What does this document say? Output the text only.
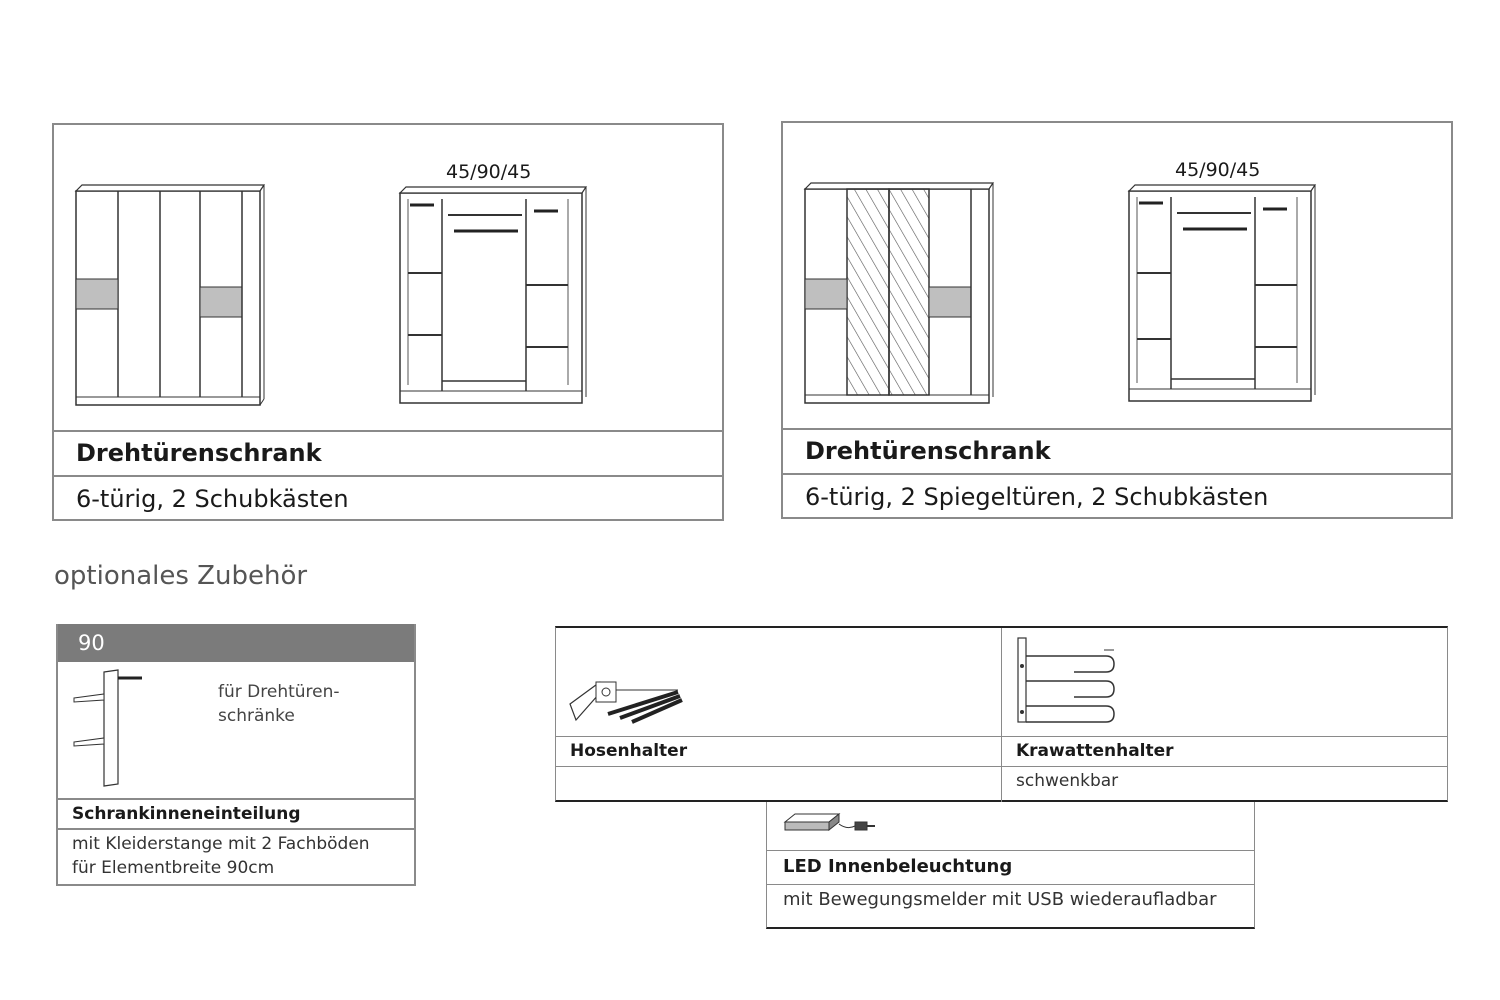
45/90/45
Drehtürenschrank
6-türig, 2 Schubkästen
45/90/45
Drehtürenschrank
6-türig, 2 Spiegeltüren, 2 Schubkästen
optionales Zubehör
90
für Drehtüren-
schränke
Schrankinneneinteilung
mit Kleiderstange mit 2 Fachböden
für Elementbreite 90cm
Hosenhalter	Krawattenhalter
schwenkbar
LED Innenbeleuchtung
mit Bewegungsmelder mit USB wiederaufladbar
